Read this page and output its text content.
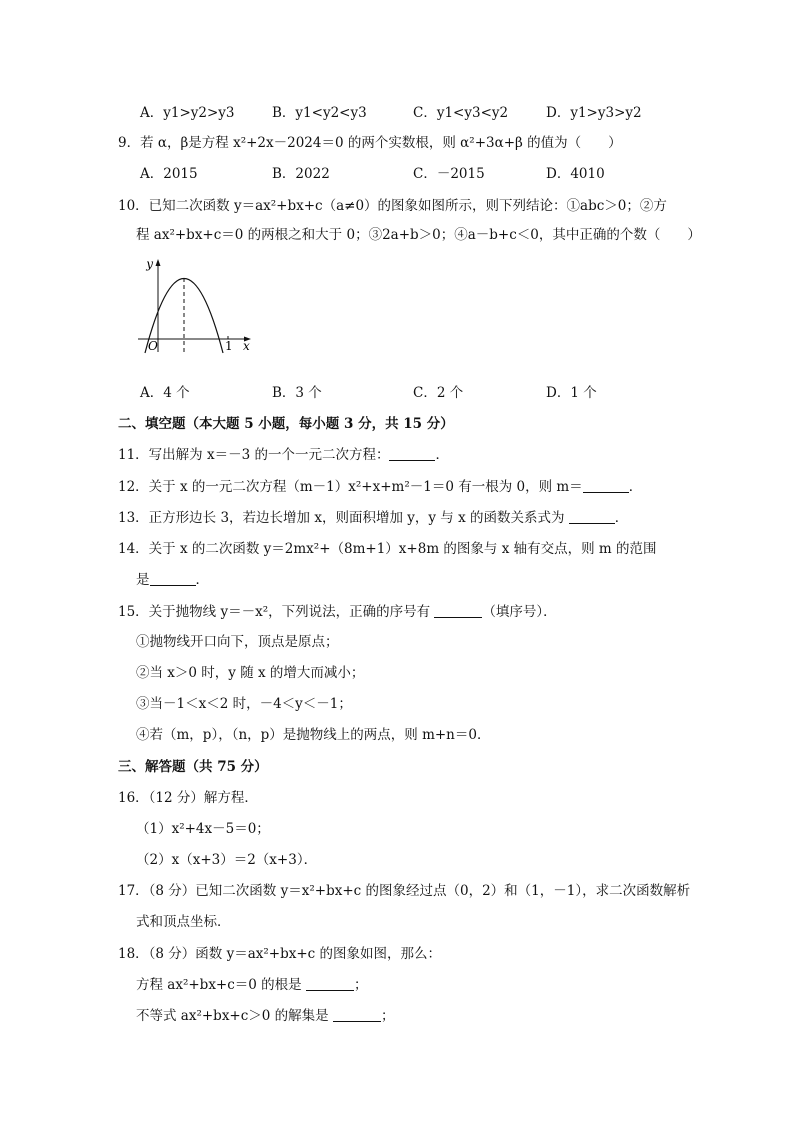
A．y1>y2>y3	B．y1<y2<y3	C．y1<y3<y2	D．y1>y3>y2
9．若 α，β是方程 x²+2x－2024＝0 的两个实数根，则 α²+3α+β 的值为（　　）
A．2015	B．2022	C．－2015	D．4010
10．已知二次函数 y＝ax²+bx+c（a≠0）的图象如图所示，则下列结论：①abc＞0；②方
程 ax²+bx+c＝0 的两根之和大于 0；③2a+b＞0；④a－b+c＜0，其中正确的个数（　　）
y
x
O	1
A．4 个	B．3 个	C．2 个	D．1 个
二、填空题（本大题 5 小题，每小题 3 分，共 15 分）
11．写出解为 x＝－3 的一个一元二次方程：	．
12．关于 x 的一元二次方程（m－1）x²+x+m²－1＝0 有一根为 0，则 m＝	．
13．正方形边长 3，若边长增加 x，则面积增加 y，y 与 x 的函数关系式为	．
14．关于 x 的二次函数 y＝2mx²+（8m+1）x+8m 的图象与 x 轴有交点，则 m 的范围
是	．
15．关于抛物线 y＝－x²，下列说法，正确的序号有	（填序号）．
①抛物线开口向下，顶点是原点；
②当 x＞0 时，y 随 x 的增大而减小；
③当－1＜x＜2 时，－4＜y＜－1；
④若（m，p），（n，p）是抛物线上的两点，则 m+n＝0．
三、解答题（共 75 分）
16．（12 分）解方程．
（1）x²+4x－5＝0；
（2）x（x+3）＝2（x+3）．
17．（8 分）已知二次函数 y＝x²+bx+c 的图象经过点（0，2）和（1，－1），求二次函数解析
式和顶点坐标．
18．（8 分）函数 y＝ax²+bx+c 的图象如图，那么：
方程 ax²+bx+c＝0 的根是	；
不等式 ax²+bx+c＞0 的解集是	；
